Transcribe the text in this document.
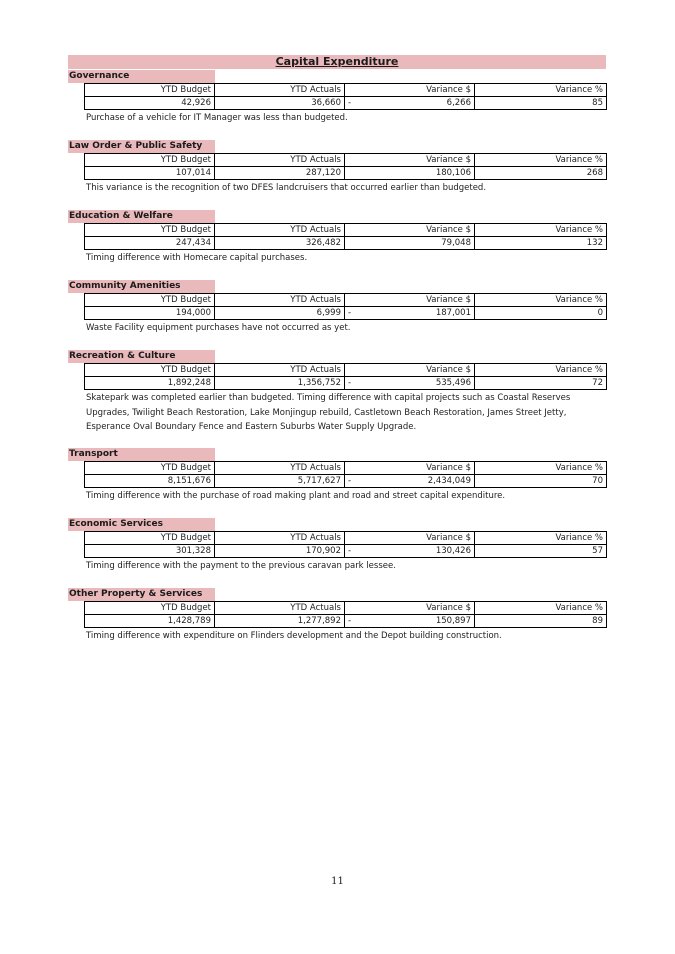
Capital Expenditure
Governance
YTD Budget	YTD Actuals	Variance $	Variance %
42,926	36,660	- 6,266	85
Purchase of a vehicle for IT Manager was less than budgeted.
Law Order & Public Safety
YTD Budget	YTD Actuals	Variance $	Variance %
107,014	287,120	180,106	268
This variance is the recognition of two DFES landcruisers that occurred earlier than budgeted.
Education & Welfare
YTD Budget	YTD Actuals	Variance $	Variance %
247,434	326,482	79,048	132
Timing difference with Homecare capital purchases.
Community Amenities
YTD Budget	YTD Actuals	Variance $	Variance %
194,000	6,999	- 187,001	0
Waste Facility equipment purchases have not occurred as yet.
Recreation & Culture
YTD Budget	YTD Actuals	Variance $	Variance %
1,892,248	1,356,752	- 535,496	72
Skatepark was completed earlier than budgeted. Timing difference with capital projects such as Coastal Reserves Upgrades, Twilight Beach Restoration, Lake Monjingup rebuild, Castletown Beach Restoration, James Street Jetty, Esperance Oval Boundary Fence and Eastern Suburbs Water Supply Upgrade.
Transport
YTD Budget	YTD Actuals	Variance $	Variance %
8,151,676	5,717,627	- 2,434,049	70
Timing difference with the purchase of road making plant and road and street capital expenditure.
Economic Services
YTD Budget	YTD Actuals	Variance $	Variance %
301,328	170,902	- 130,426	57
Timing difference with the payment to the previous caravan park lessee.
Other Property & Services
YTD Budget	YTD Actuals	Variance $	Variance %
1,428,789	1,277,892	- 150,897	89
Timing difference with expenditure on Flinders development and the Depot building construction.
11
